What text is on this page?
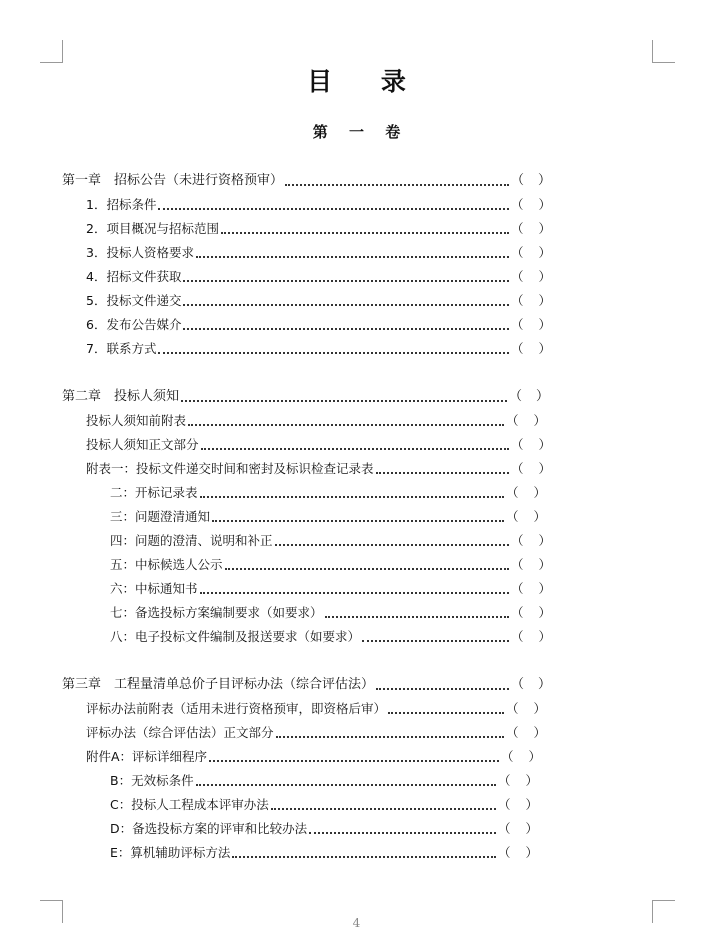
目 录
第 一 卷
第一章　招标公告（未进行资格预审）	（ ）
1．招标条件	（ ）
2．项目概况与招标范围	（ ）
3．投标人资格要求	（ ）
4．招标文件获取	（ ）
5．投标文件递交	（ ）
6．发布公告媒介	（ ）
7．联系方式	（ ）
第二章　投标人须知	（ ）
投标人须知前附表	（ ）
投标人须知正文部分	（ ）
附表一：投标文件递交时间和密封及标识检查记录表	（ ）
二：开标记录表	（ ）
三：问题澄清通知	（ ）
四：问题的澄清、说明和补正	（ ）
五：中标候选人公示	（ ）
六：中标通知书	（ ）
七：备选投标方案编制要求（如要求）	（ ）
八：电子投标文件编制及报送要求（如要求）	（ ）
第三章　工程量清单总价子目评标办法（综合评估法）	（ ）
评标办法前附表（适用未进行资格预审，即资格后审）	（ ）
评标办法（综合评估法）正文部分	（ ）
附件A：评标详细程序	（ ）
B：无效标条件	（ ）
C：投标人工程成本评审办法	（ ）
D：备选投标方案的评审和比较办法	（ ）
E：算机辅助评标方法	（ ）
4
